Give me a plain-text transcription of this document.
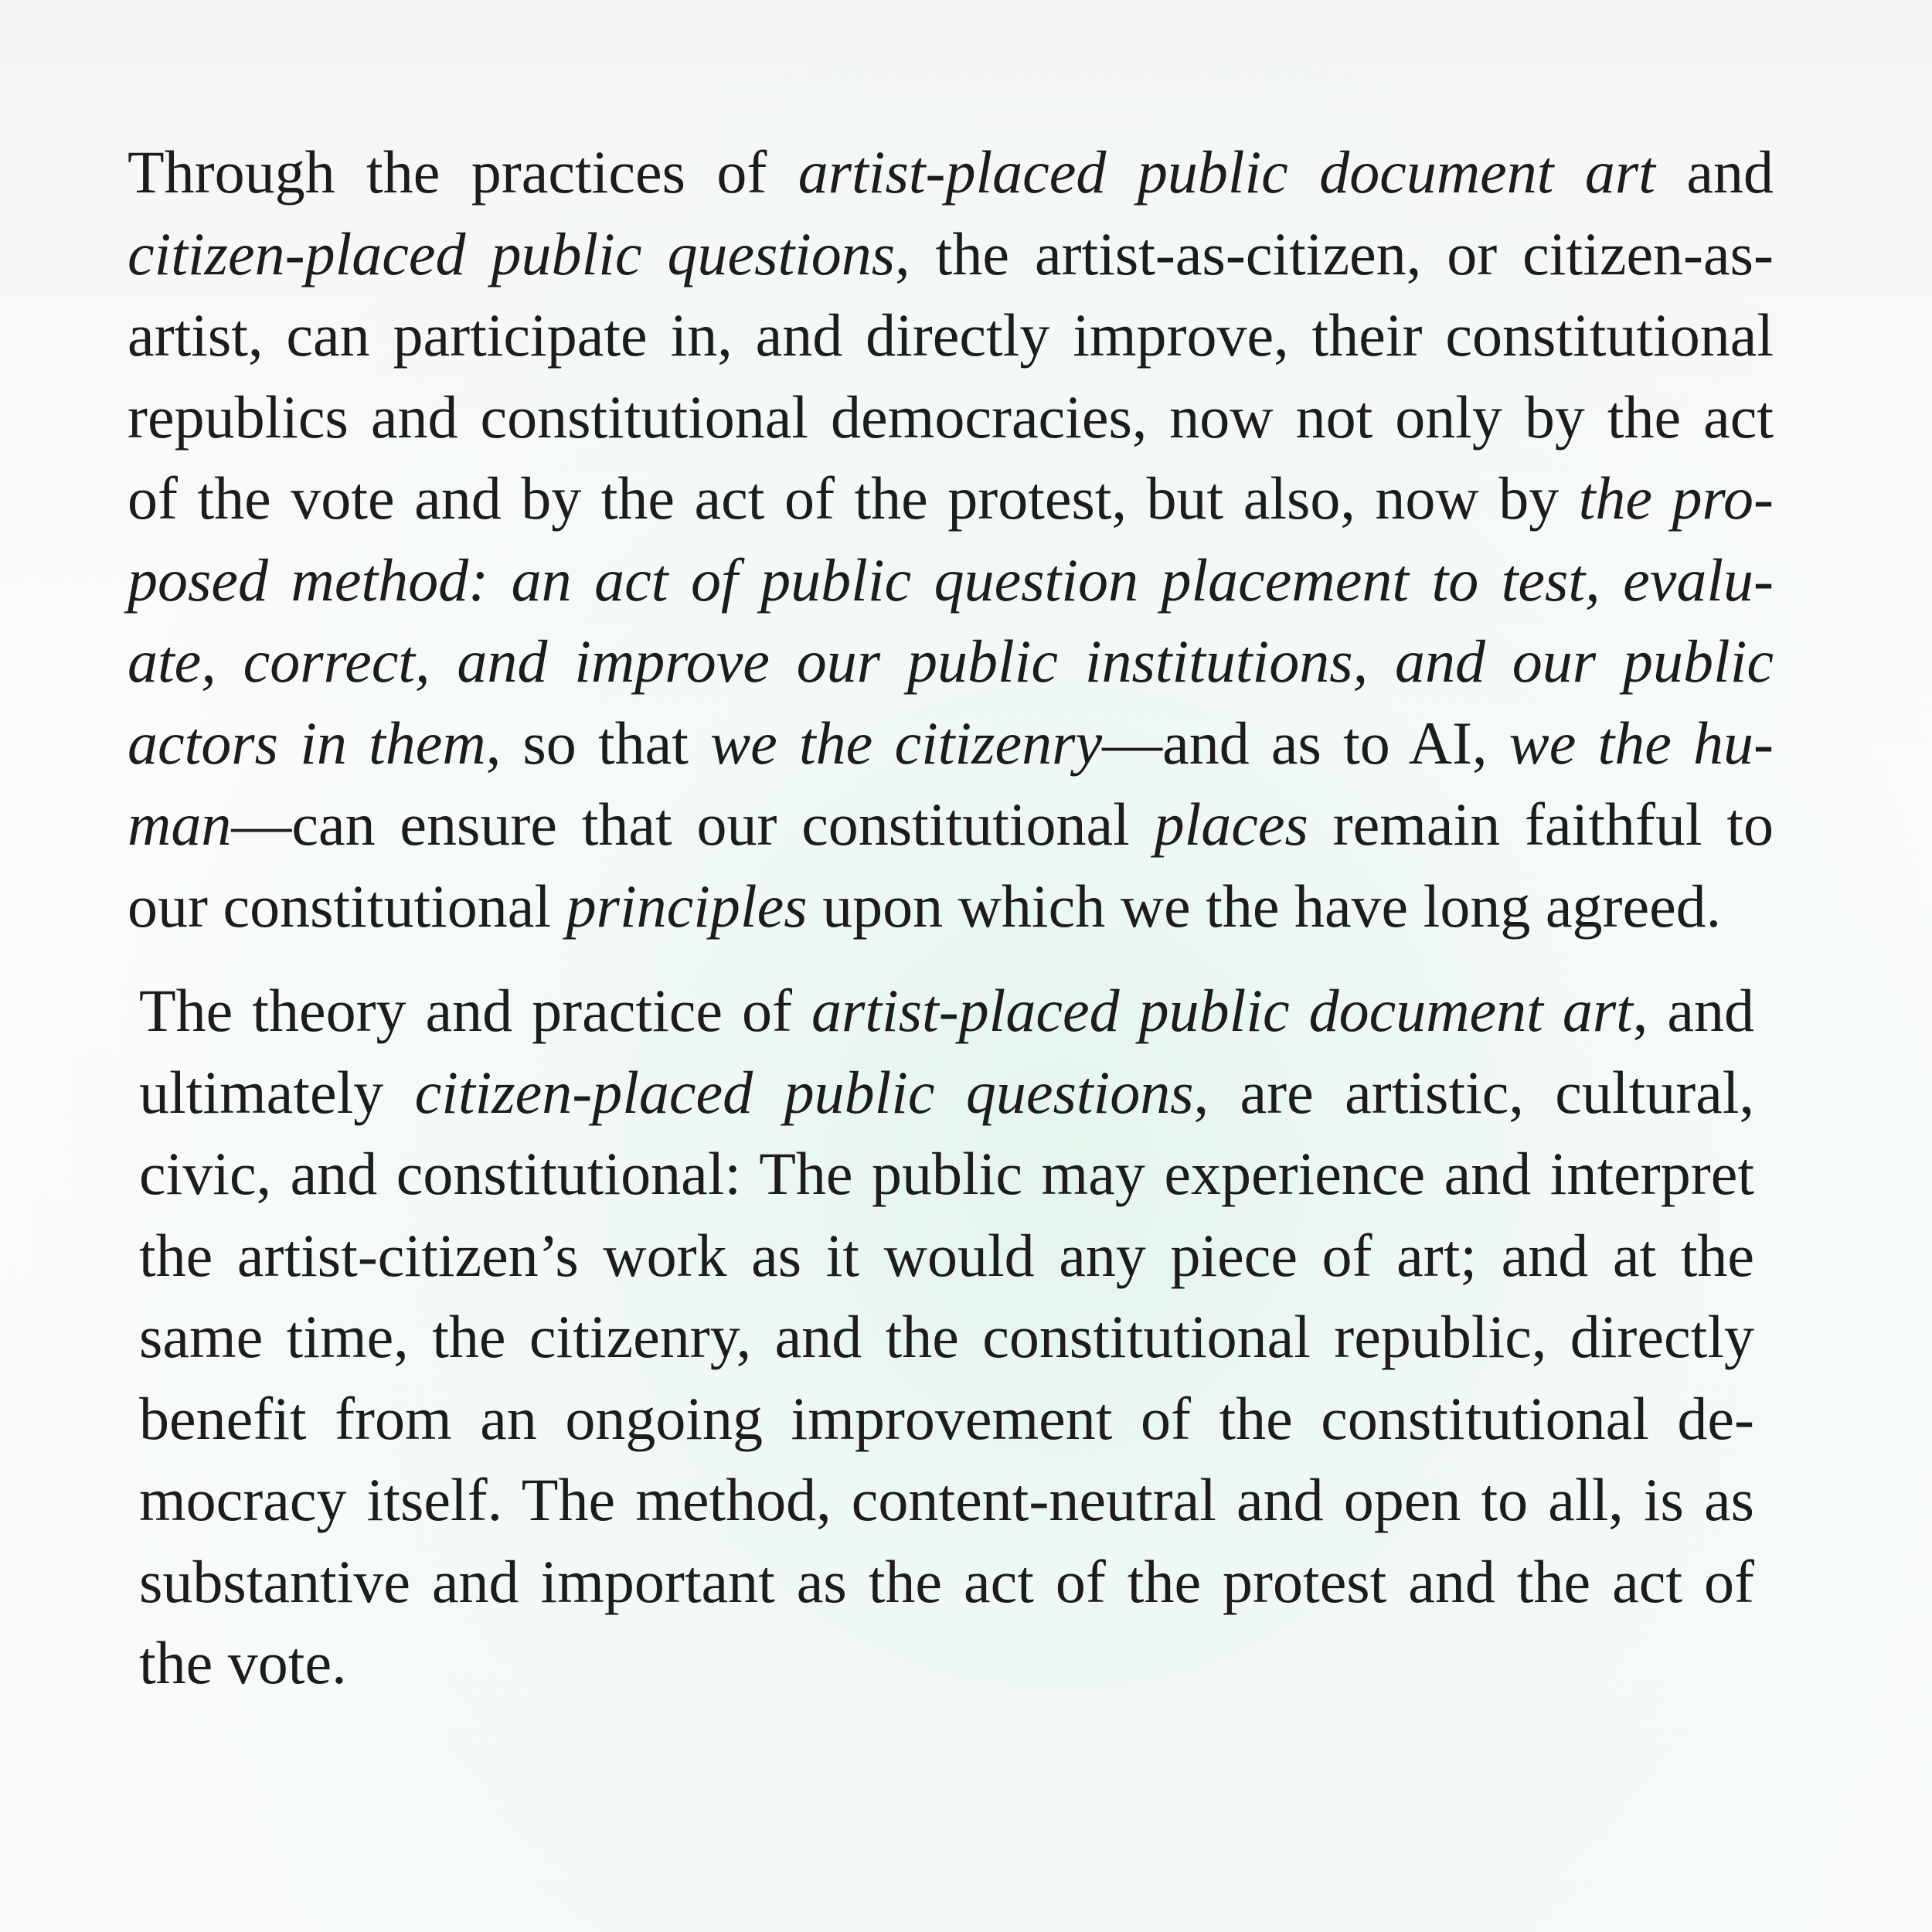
Through the practices of artist-placed public document art and
citizen-placed public questions, the artist-as-citizen, or citizen-as-
artist, can participate in, and directly improve, their constitutional
republics and constitutional democracies, now not only by the act
of the vote and by the act of the protest, but also, now by the pro-
posed method: an act of public question placement to test, evalu-
ate, correct, and improve our public institutions, and our public
actors in them, so that we the citizenry—and as to AI, we the hu-
man—can ensure that our constitutional places remain faithful to
our constitutional principles upon which we the have long agreed.
The theory and practice of artist-placed public document art, and
ultimately citizen-placed public questions, are artistic, cultural,
civic, and constitutional: The public may experience and interpret
the artist-citizen’s work as it would any piece of art; and at the
same time, the citizenry, and the constitutional republic, directly
benefit from an ongoing improvement of the constitutional de-
mocracy itself. The method, content-neutral and open to all, is as
substantive and important as the act of the protest and the act of
the vote.
